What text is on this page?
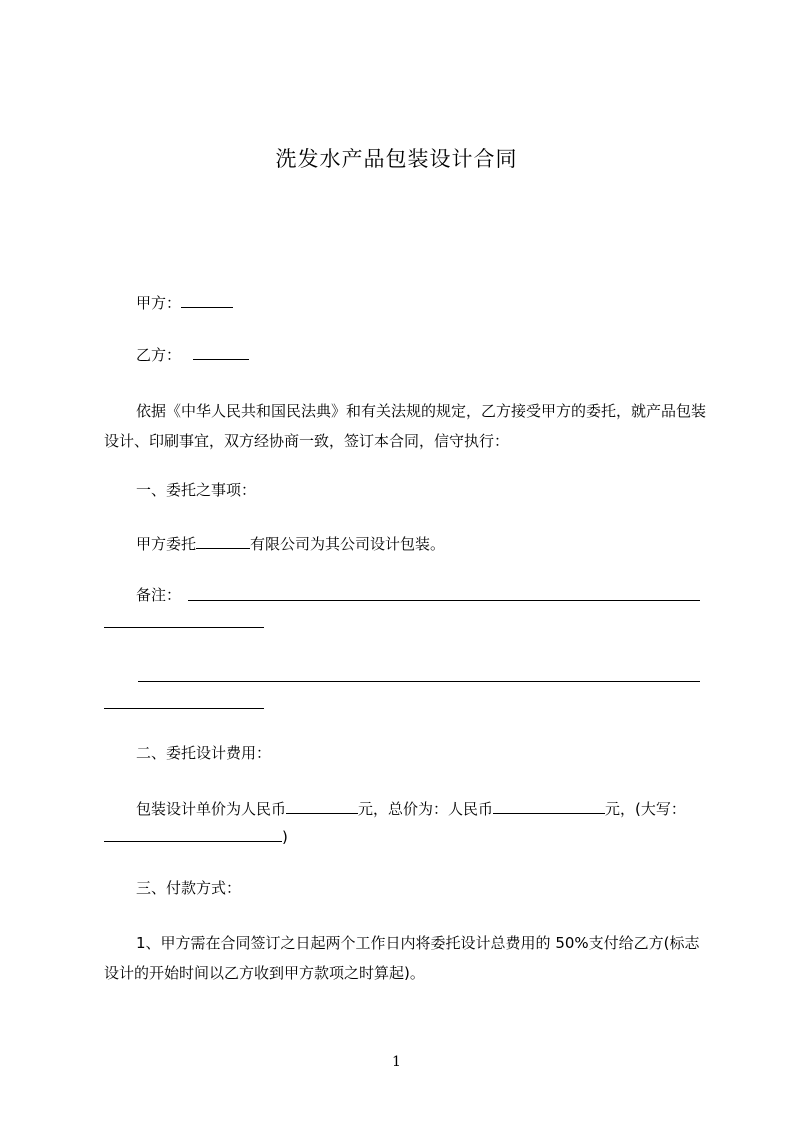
洗发水产品包装设计合同
甲方：
乙方：
依据《中华人民共和国民法典》和有关法规的规定，乙方接受甲方的委托，就产品包装设计、印刷事宜，双方经协商一致，签订本合同，信守执行：
一、委托之事项：
甲方委托	有限公司为其公司设计包装。
备注：
二、委托设计费用：
包装设计单价为人民币	元，总价为：人民币	元，(大写：
)
三、付款方式：
1、甲方需在合同签订之日起两个工作日内将委托设计总费用的 50%支付给乙方(标志设计的开始时间以乙方收到甲方款项之时算起)。
1
